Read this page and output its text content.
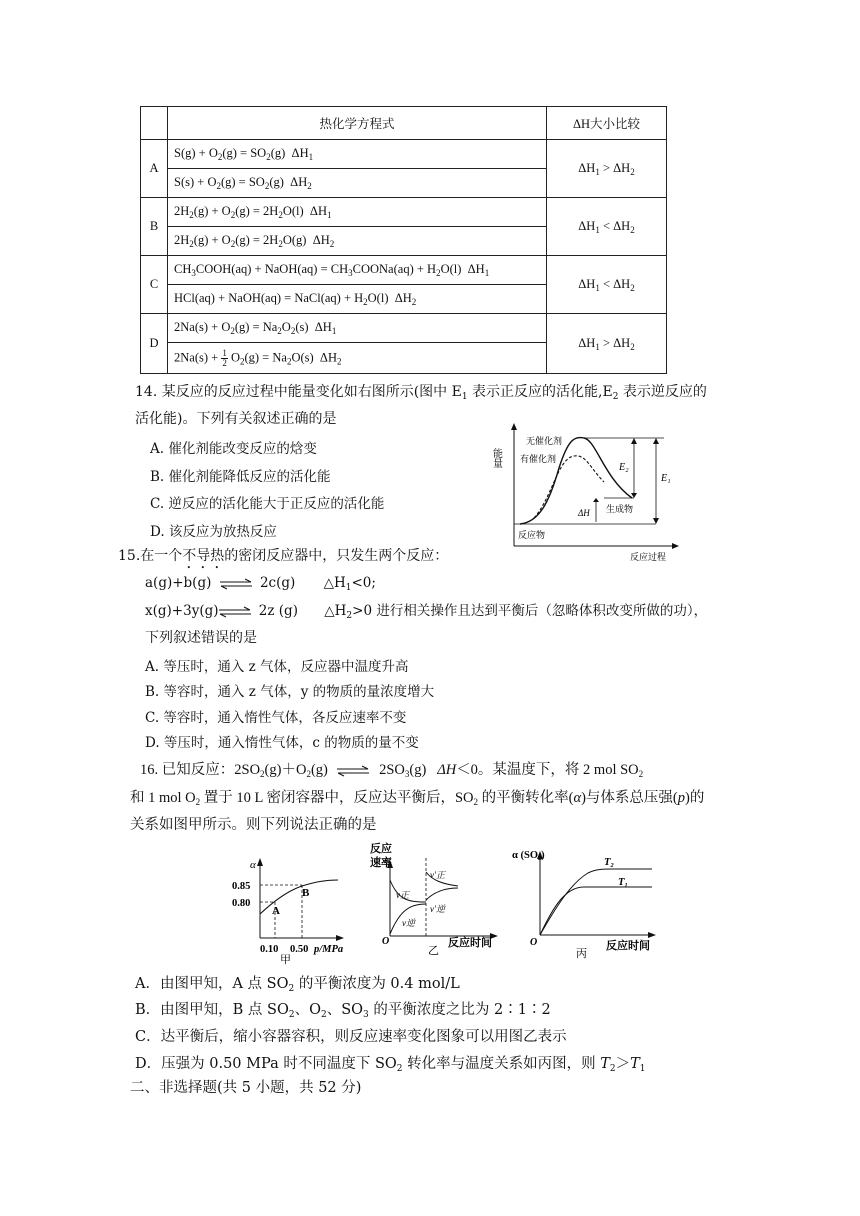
	热化学方程式	ΔH大小比较
A	$S(g) + O_2(g) = SO_2(g)$  $\Delta H_1$	$\Delta H_1 > \Delta H_2$
	$S(s) + O_2(g) = SO_2(g)$  $\Delta H_2$
B	$2H_2(g) + O_2(g) = 2H_2O(l)$  $\Delta H_1$	$\Delta H_1 < \Delta H_2$
	$2H_2(g) + O_2(g) = 2H_2O(g)$  $\Delta H_2$
C	$CH_3COOH(aq)$ + NaOH(aq) = $CH_3COONa(aq) + H_2O(l)$  $\Delta H_1$	$\Delta H_1 < \Delta H_2$
	HCl(aq) + NaOH(aq) = NaCl(aq) + $H_2O(l)$  $\Delta H_2$
D	$2Na(s) + O_2(g) = Na_2O_2(s)$  $\Delta H_1$	$\Delta H_1 > \Delta H_2$
	$2Na(s) + \frac{1}{2} O_2(g) = Na_2O(s)$  $\Delta H_2$
14. 某反应的反应过程中能量变化如右图所示(图中 $E_1$ 表示正反应的活化能$,E_2$ 表示逆反应的
活化能)。下列有关叙述正确的是
A. 催化剂能改变反应的焓变
B. 催化剂能降低反应的活化能
C. 逆反应的活化能大于正反应的活化能
D. 该反应为放热反应
能量
无催化剂
有催化剂
E₂
E₁
ΔH 生成物
反应物
反应过程
15.在一个不导热的密闭反应器中，只发生两个反应：
a(g)+b(g) ⇌ 2c(g) $\triangle H_1<0$;
x(g)+3y(g)⇌ 2z (g) $\triangle H_2>0$ 进行相关操作且达到平衡后（忽略体积改变所做的功），
下列叙述错误的是
A. 等压时，通入 z 气体，反应器中温度升高
B. 等容时，通入 z 气体，y 的物质的量浓度增大
C. 等容时，通入惰性气体，各反应速率不变
D. 等压时，通入惰性气体，c 的物质的量不变
16. 已知反应：$2SO_2(g)+O_2(g)$ ⇌ $2SO_3(g)$   ΔH＜0。某温度下，将 2 mol $SO_2$
和 1 mol $O_2$ 置于 10 L 密闭容器中，反应达平衡后，$SO_2$ 的平衡转化率(α)与体系总压强(p)的
关系如图甲所示。则下列说法正确的是
α
0.85
0.80
A
B
0.10 0.50 p/MPa
甲
反应
速率
v正
v逆
v′正
v′逆
O	反应时间
乙
α (SO₂)
T₂
T₁
O	反应时间
丙
A．由图甲知，A 点 $SO_2$ 的平衡浓度为 0.4 mol/L
B．由图甲知，B 点 $SO_2$、$O_2$、$SO_3$ 的平衡浓度之比为 2∶1∶2
C．达平衡后，缩小容器容积，则反应速率变化图象可以用图乙表示
D．压强为 0.50 MPa 时不同温度下 $SO_2$ 转化率与温度关系如丙图，则 $T_2>T_1$
二、非选择题(共 5 小题，共 52 分)
